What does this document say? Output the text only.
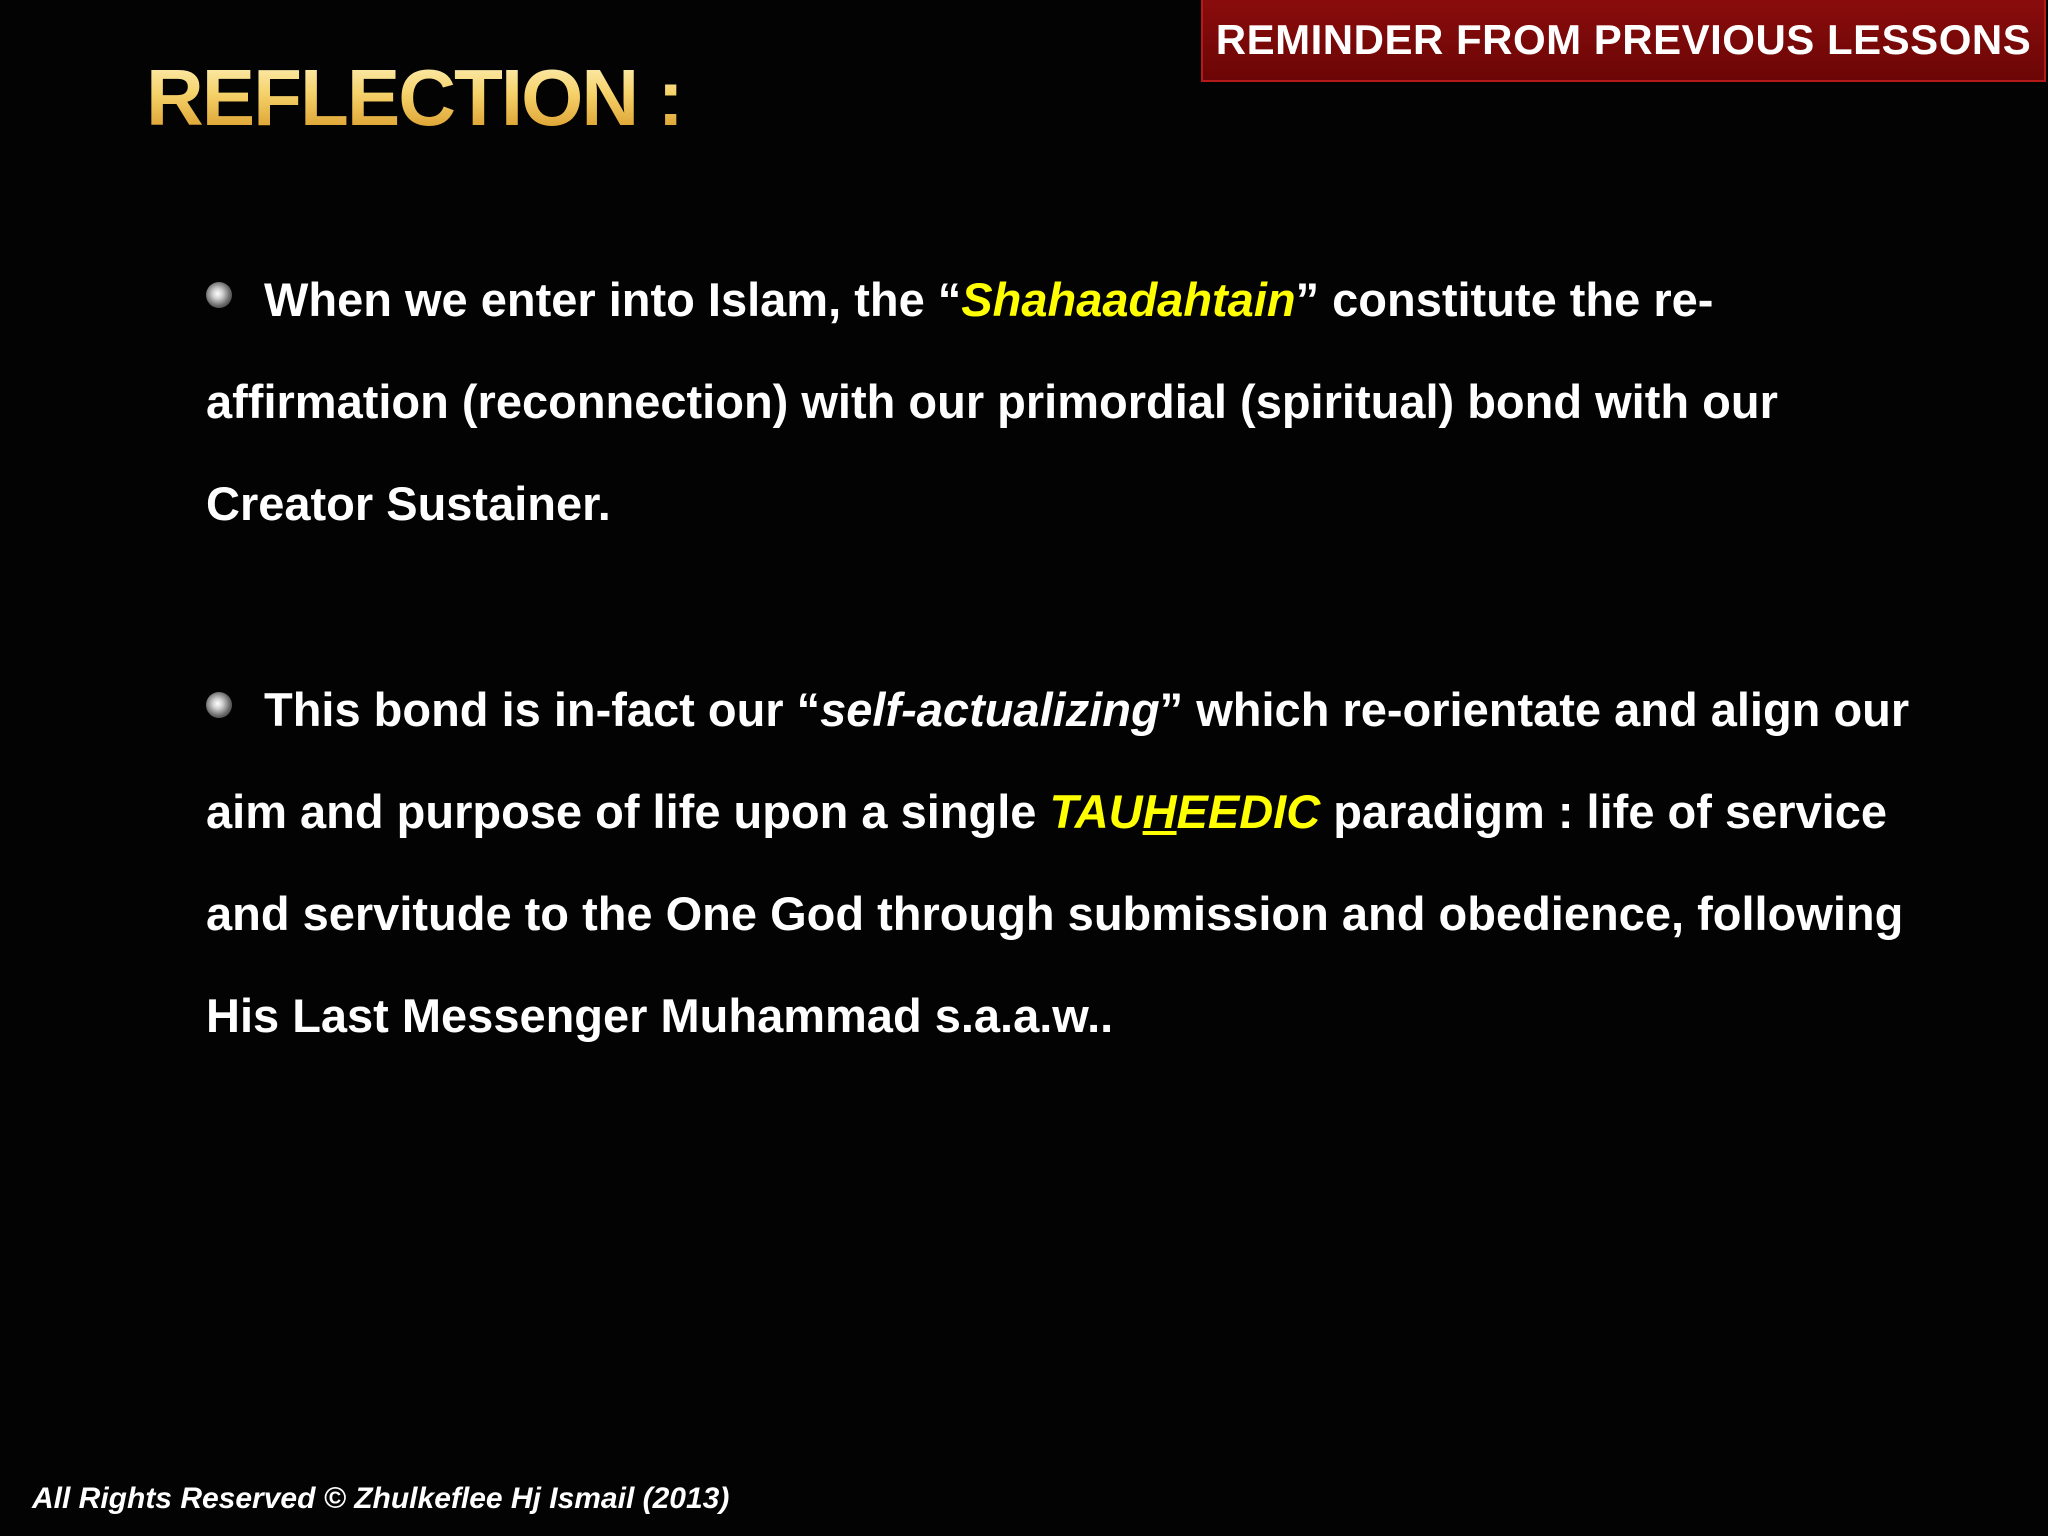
REMINDER FROM PREVIOUS LESSONS
REFLECTION :
When we enter into Islam, the “Shahaadahtain” constitute the re-affirmation (reconnection) with our primordial (spiritual) bond with our Creator Sustainer.
This bond is in-fact our “self-actualizing” which re-orientate and align our aim and purpose of life upon a single TAUHEEDIC paradigm : life of service and servitude to the One God through submission and obedience, following His Last Messenger Muhammad s.a.a.w..
All Rights Reserved © Zhulkeflee Hj Ismail (2013)
